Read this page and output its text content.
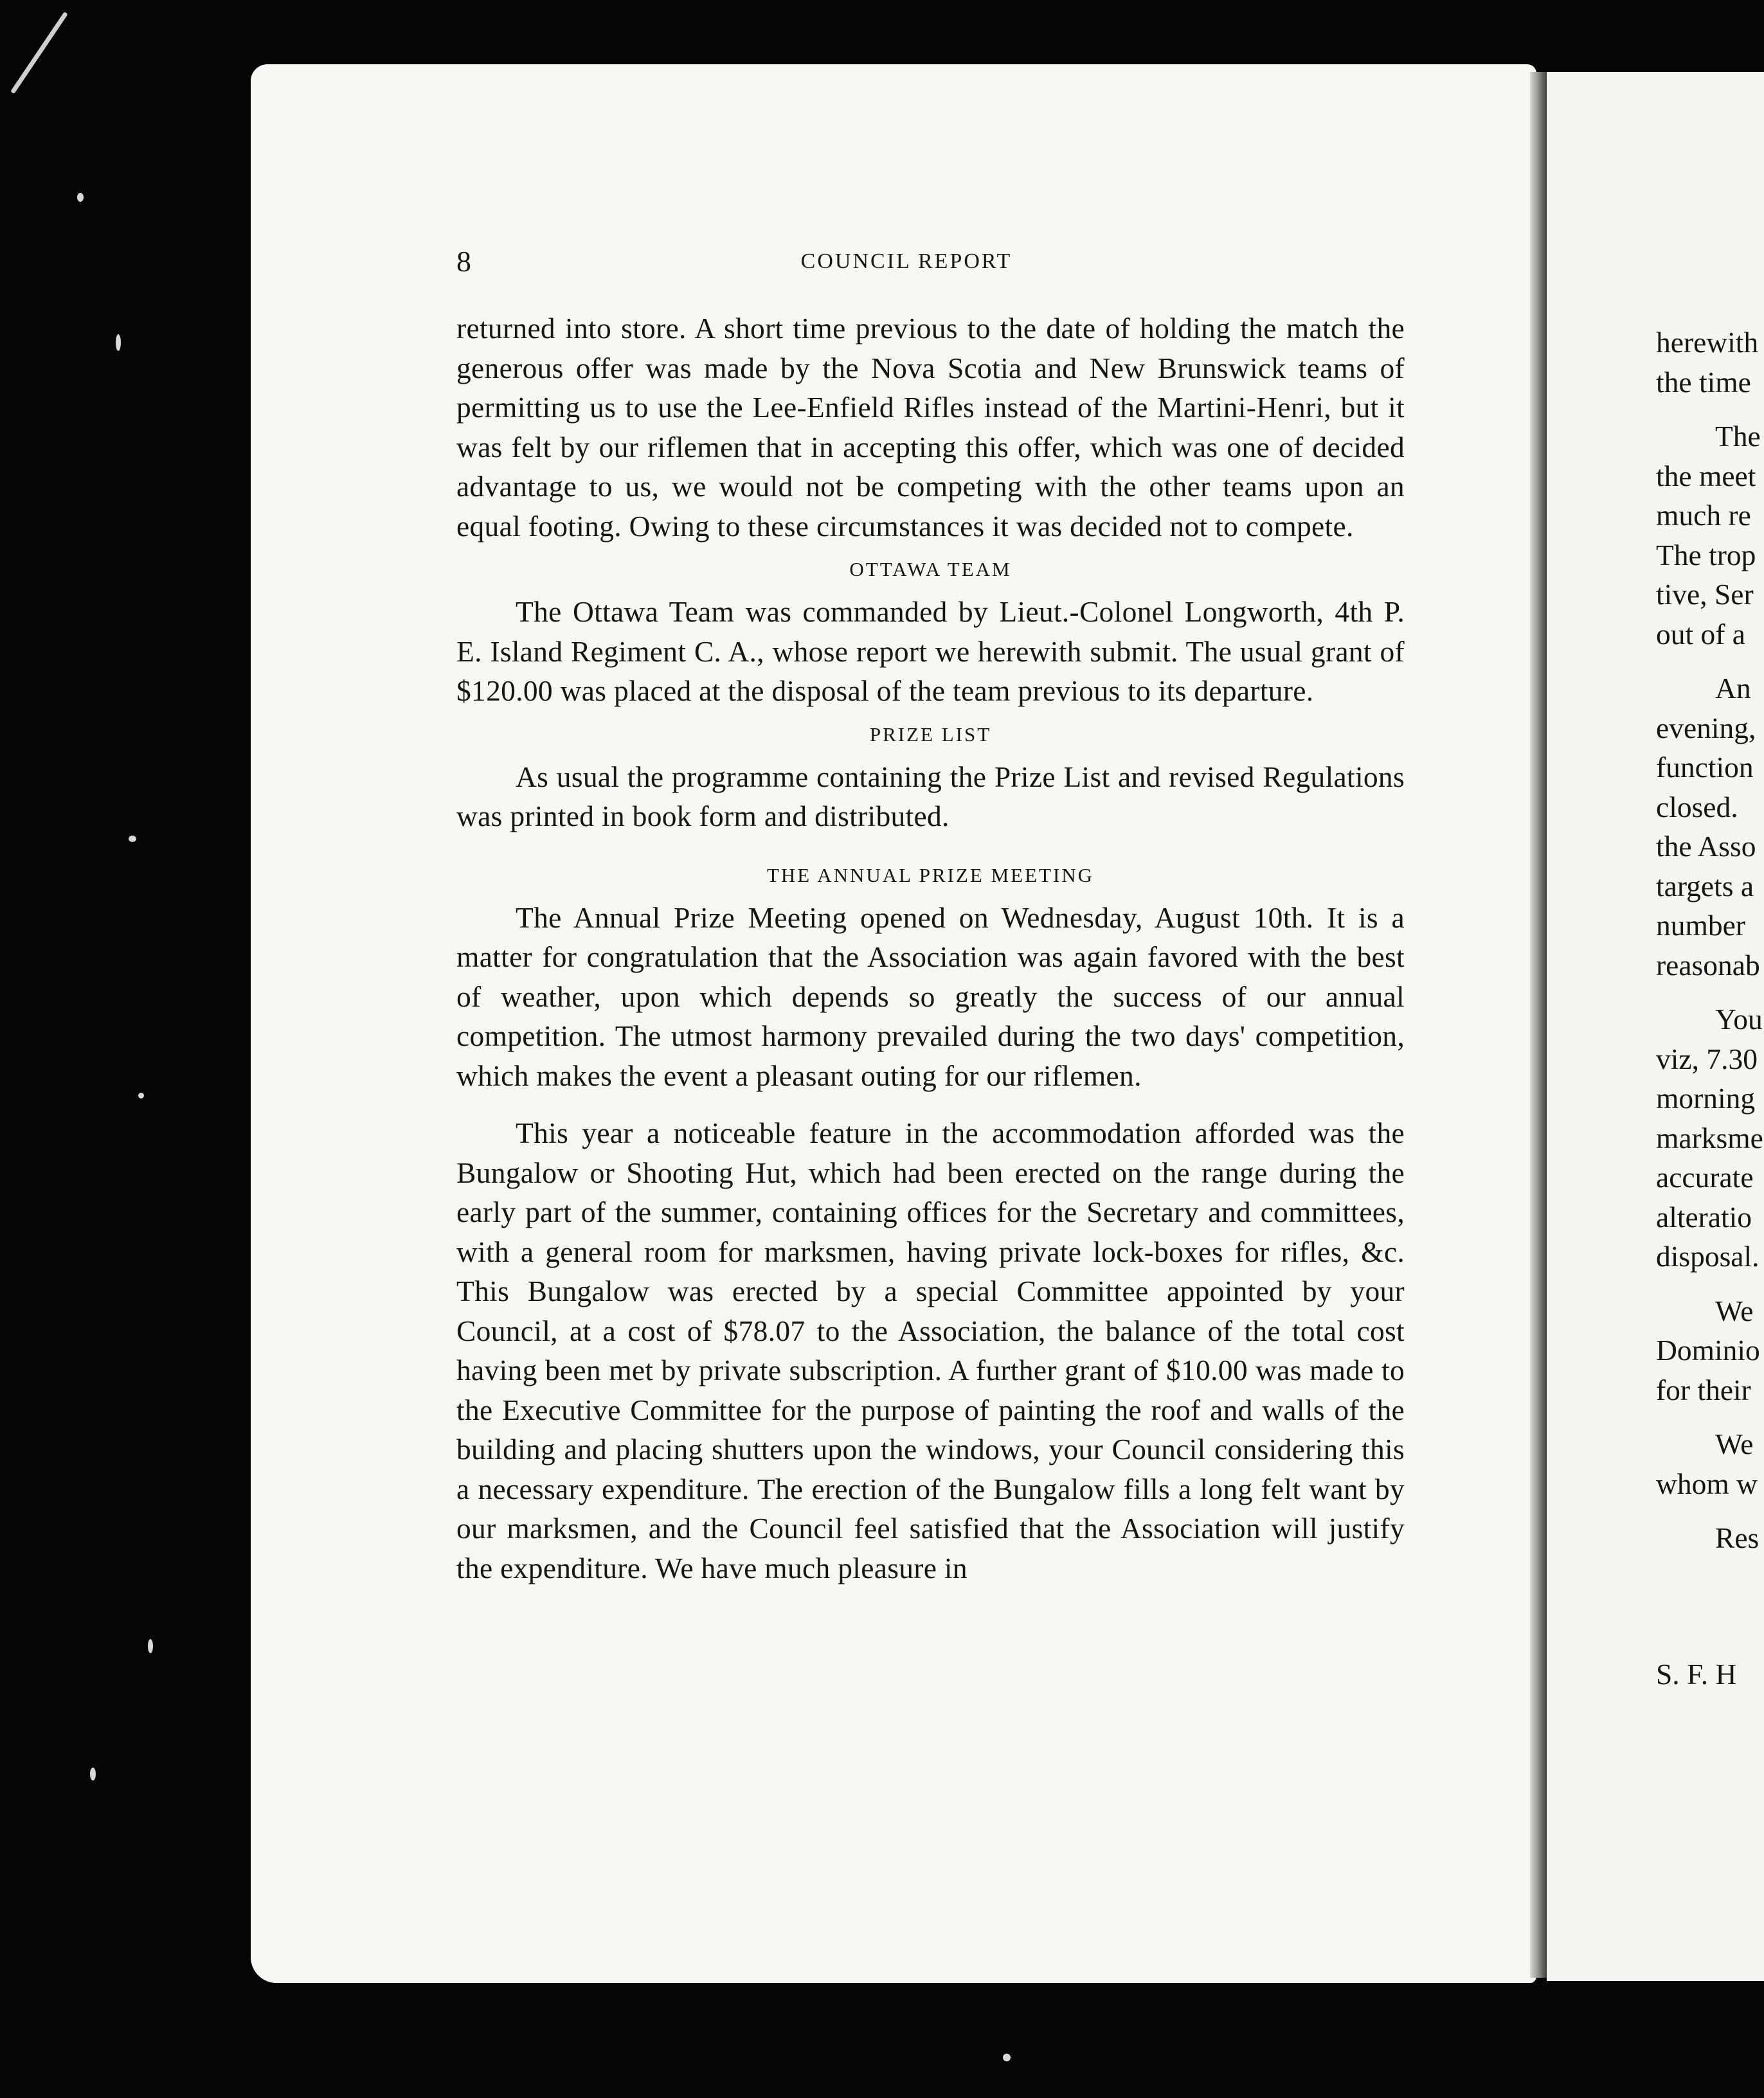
8	COUNCIL REPORT

returned into store. A short time previous to the date of holding the match the generous offer was made by the Nova Scotia and New Brunswick teams of permitting us to use the Lee-Enfield Rifles instead of the Martini-Henri, but it was felt by our riflemen that in accepting this offer, which was one of decided advantage to us, we would not be competing with the other teams upon an equal footing. Owing to these circumstances it was decided not to compete.

OTTAWA TEAM

The Ottawa Team was commanded by Lieut.-Colonel Longworth, 4th P. E. Island Regiment C. A., whose report we herewith submit. The usual grant of $120.00 was placed at the disposal of the team previous to its departure.

PRIZE LIST

As usual the programme containing the Prize List and revised Regulations was printed in book form and distributed.

THE ANNUAL PRIZE MEETING

The Annual Prize Meeting opened on Wednesday, August 10th. It is a matter for congratulation that the Association was again favored with the best of weather, upon which depends so greatly the success of our annual competition. The utmost harmony prevailed during the two days' competition, which makes the event a pleasant outing for our riflemen.

This year a noticeable feature in the accommodation afforded was the Bungalow or Shooting Hut, which had been erected on the range during the early part of the summer, containing offices for the Secretary and committees, with a general room for marksmen, having private lock-boxes for rifles, &c. This Bungalow was erected by a special Committee appointed by your Council, at a cost of $78.07 to the Association, the balance of the total cost having been met by private subscription. A further grant of $10.00 was made to the Executive Committee for the purpose of painting the roof and walls of the building and placing shutters upon the windows, your Council considering this a necessary expenditure. The erection of the Bungalow fills a long felt want by our marksmen, and the Council feel satisfied that the Association will justify the expenditure. We have much pleasure in

herewith
the time
The
the meet
much re
The trop
tive, Ser
out of a
An
evening,
function
closed.
the Asso
targets a
number
reasonab
You
viz, 7.30
morning
marksme
accurate
alteratio
disposal.
We
Dominio
for their
We
whom w
Res
S. F. H
